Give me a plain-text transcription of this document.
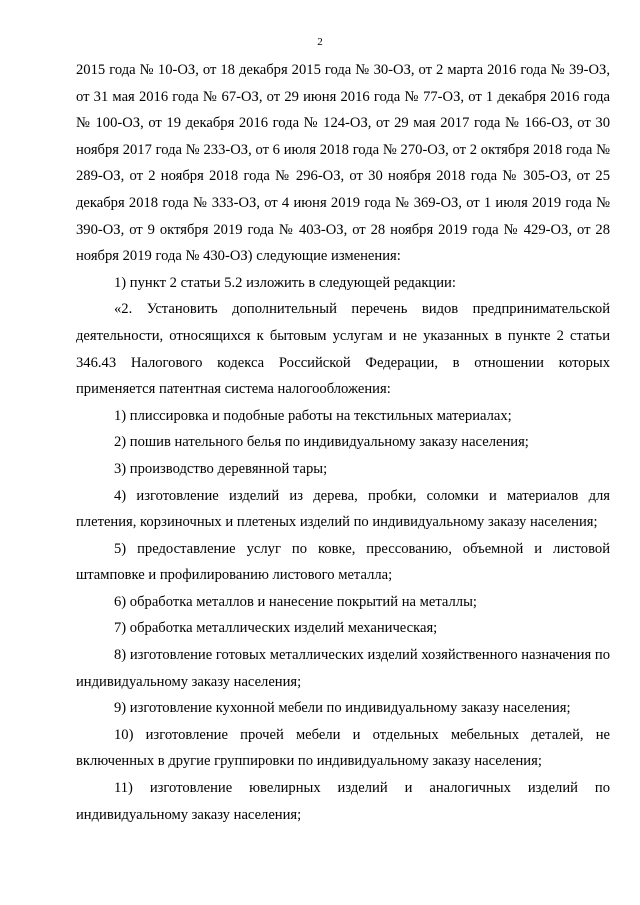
2

2015 года № 10-ОЗ, от 18 декабря 2015 года № 30-ОЗ, от 2 марта 2016 года № 39-ОЗ, от 31 мая 2016 года № 67-ОЗ, от 29 июня 2016 года № 77-ОЗ, от 1 декабря 2016 года № 100-ОЗ, от 19 декабря 2016 года № 124-ОЗ, от 29 мая 2017 года № 166-ОЗ, от 30 ноября 2017 года № 233-ОЗ, от 6 июля 2018 года № 270-ОЗ, от 2 октября 2018 года № 289-ОЗ, от 2 ноября 2018 года № 296-ОЗ, от 30 ноября 2018 года № 305-ОЗ, от 25 декабря 2018 года № 333-ОЗ, от 4 июня 2019 года № 369-ОЗ, от 1 июля 2019 года № 390-ОЗ, от 9 октября 2019 года № 403-ОЗ, от 28 ноября 2019 года № 429-ОЗ, от 28 ноября 2019 года № 430-ОЗ) следующие изменения:

1) пункт 2 статьи 5.2 изложить в следующей редакции:

«2. Установить дополнительный перечень видов предпринимательской деятельности, относящихся к бытовым услугам и не указанных в пункте 2 статьи 346.43 Налогового кодекса Российской Федерации, в отношении которых применяется патентная система налогообложения:

1) плиссировка и подобные работы на текстильных материалах;

2) пошив нательного белья по индивидуальному заказу населения;

3) производство деревянной тары;

4) изготовление изделий из дерева, пробки, соломки и материалов для плетения, корзиночных и плетеных изделий по индивидуальному заказу населения;

5) предоставление услуг по ковке, прессованию, объемной и листовой штамповке и профилированию листового металла;

6) обработка металлов и нанесение покрытий на металлы;

7) обработка металлических изделий механическая;

8) изготовление готовых металлических изделий хозяйственного назначения по индивидуальному заказу населения;

9) изготовление кухонной мебели по индивидуальному заказу населения;

10) изготовление прочей мебели и отдельных мебельных деталей, не включенных в другие группировки по индивидуальному заказу населения;

11) изготовление ювелирных изделий и аналогичных изделий по индивидуальному заказу населения;
